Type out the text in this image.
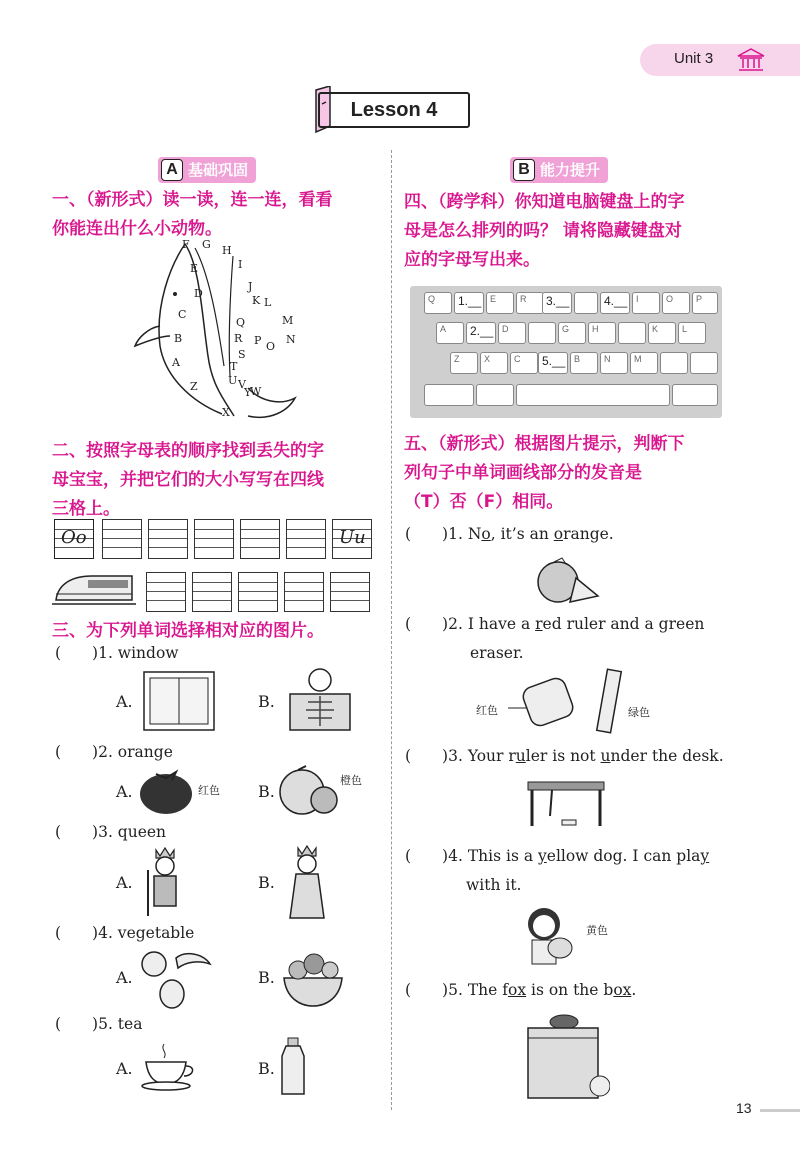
Unit 3
Lesson 4
A 基础巩固
一、（新形式）读一读，连一连，看看
你能连出什么小动物。
F G H
I
J
E
D
K L
C
Q	M
R P O
N
B
S
A	T
U V
Z	Y
W
X
二、按照字母表的顺序找到丢失的字
母宝宝，并把它们的大小写写在四线
三格上。
Oo	Uu
三、为下列单词选择相对应的图片。
(　　)1. window
A.	B.
(　　)2. orange
A.	红色 B.
橙色
(　　)3. queen
A.	B.
(　　)4. vegetable
A.	B.
(　　)5. tea
A.	B.
B 能力提升
四、（跨学科）你知道电脑键盘上的字
母是怎么排列的吗？ 请将隐藏键盘对
应的字母写出来。
Q	1.__ E	R	3.__	4.__ I	O	P
A	2.__ D	G	H	K	L
Z	X	C	5.__ B	N	M
五、（新形式）根据图片提示，判断下
列句子中单词画线部分的发音是
（T）否（F）相同。
(　　)1. No, it’s an orange.
(　　)2. I have a red ruler and a green
eraser.
红色	绿色
(　　)3. Your ruler is not under the desk.
(　　)4. This is a yellow dog. I can play
with it.
黄色
(　　)5. The fox is on the box.
13
